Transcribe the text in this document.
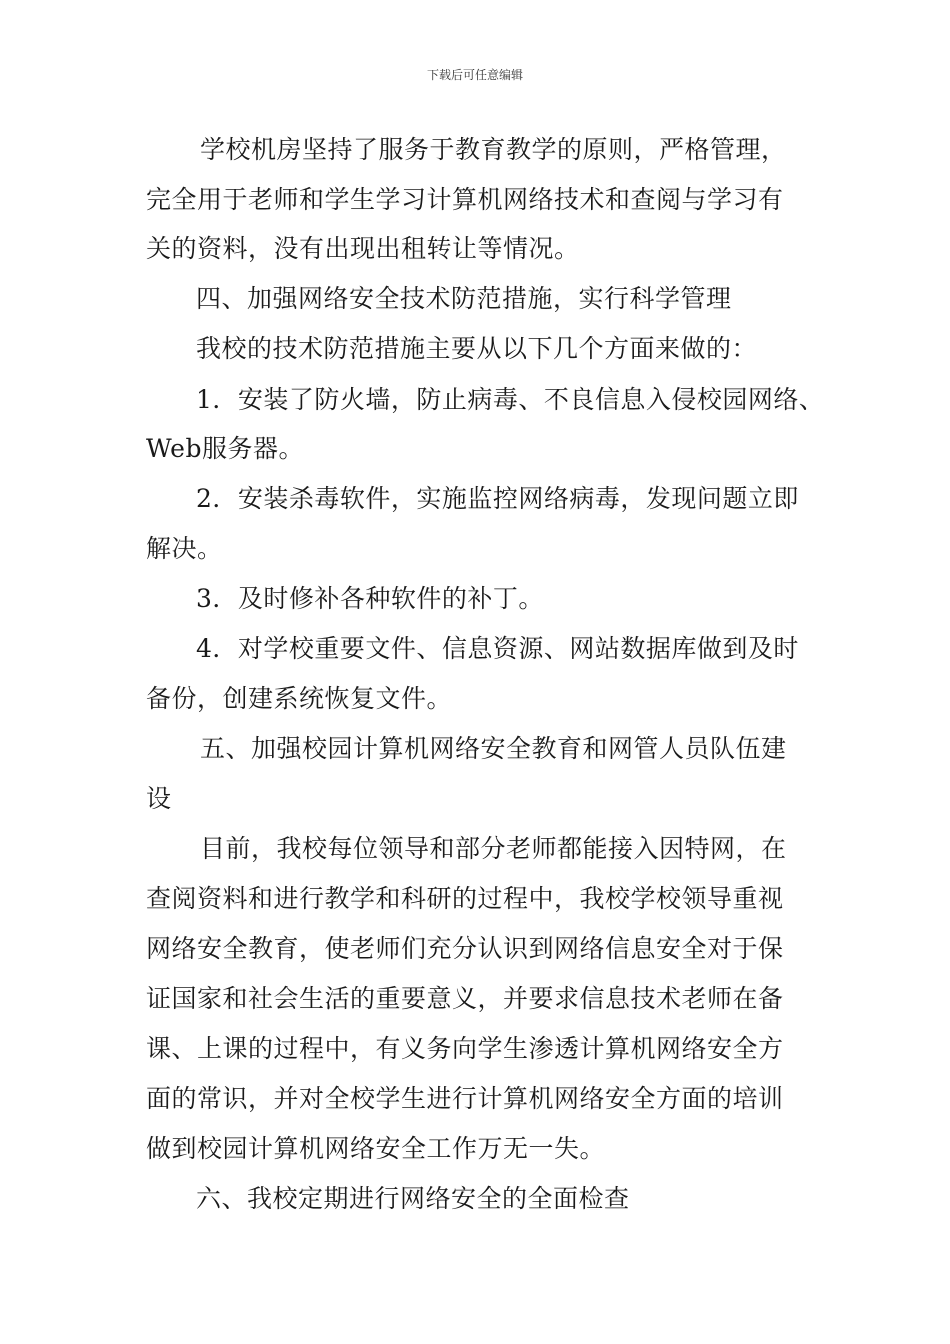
下载后可任意编辑
学校机房坚持了服务于教育教学的原则，严格管理，
完全用于老师和学生学习计算机网络技术和查阅与学习有
关的资料，没有出现出租转让等情况。
四、加强网络安全技术防范措施，实行科学管理
我校的技术防范措施主要从以下几个方面来做的：
1．安装了防火墙，防止病毒、不良信息入侵校园网络、
Web服务器。
2．安装杀毒软件，实施监控网络病毒，发现问题立即
解决。
3．及时修补各种软件的补丁。
4．对学校重要文件、信息资源、网站数据库做到及时
备份，创建系统恢复文件。
五、加强校园计算机网络安全教育和网管人员队伍建
设
目前，我校每位领导和部分老师都能接入因特网，在
查阅资料和进行教学和科研的过程中，我校学校领导重视
网络安全教育，使老师们充分认识到网络信息安全对于保
证国家和社会生活的重要意义，并要求信息技术老师在备
课、上课的过程中，有义务向学生渗透计算机网络安全方
面的常识，并对全校学生进行计算机网络安全方面的培训
做到校园计算机网络安全工作万无一失。
六、我校定期进行网络安全的全面检查
